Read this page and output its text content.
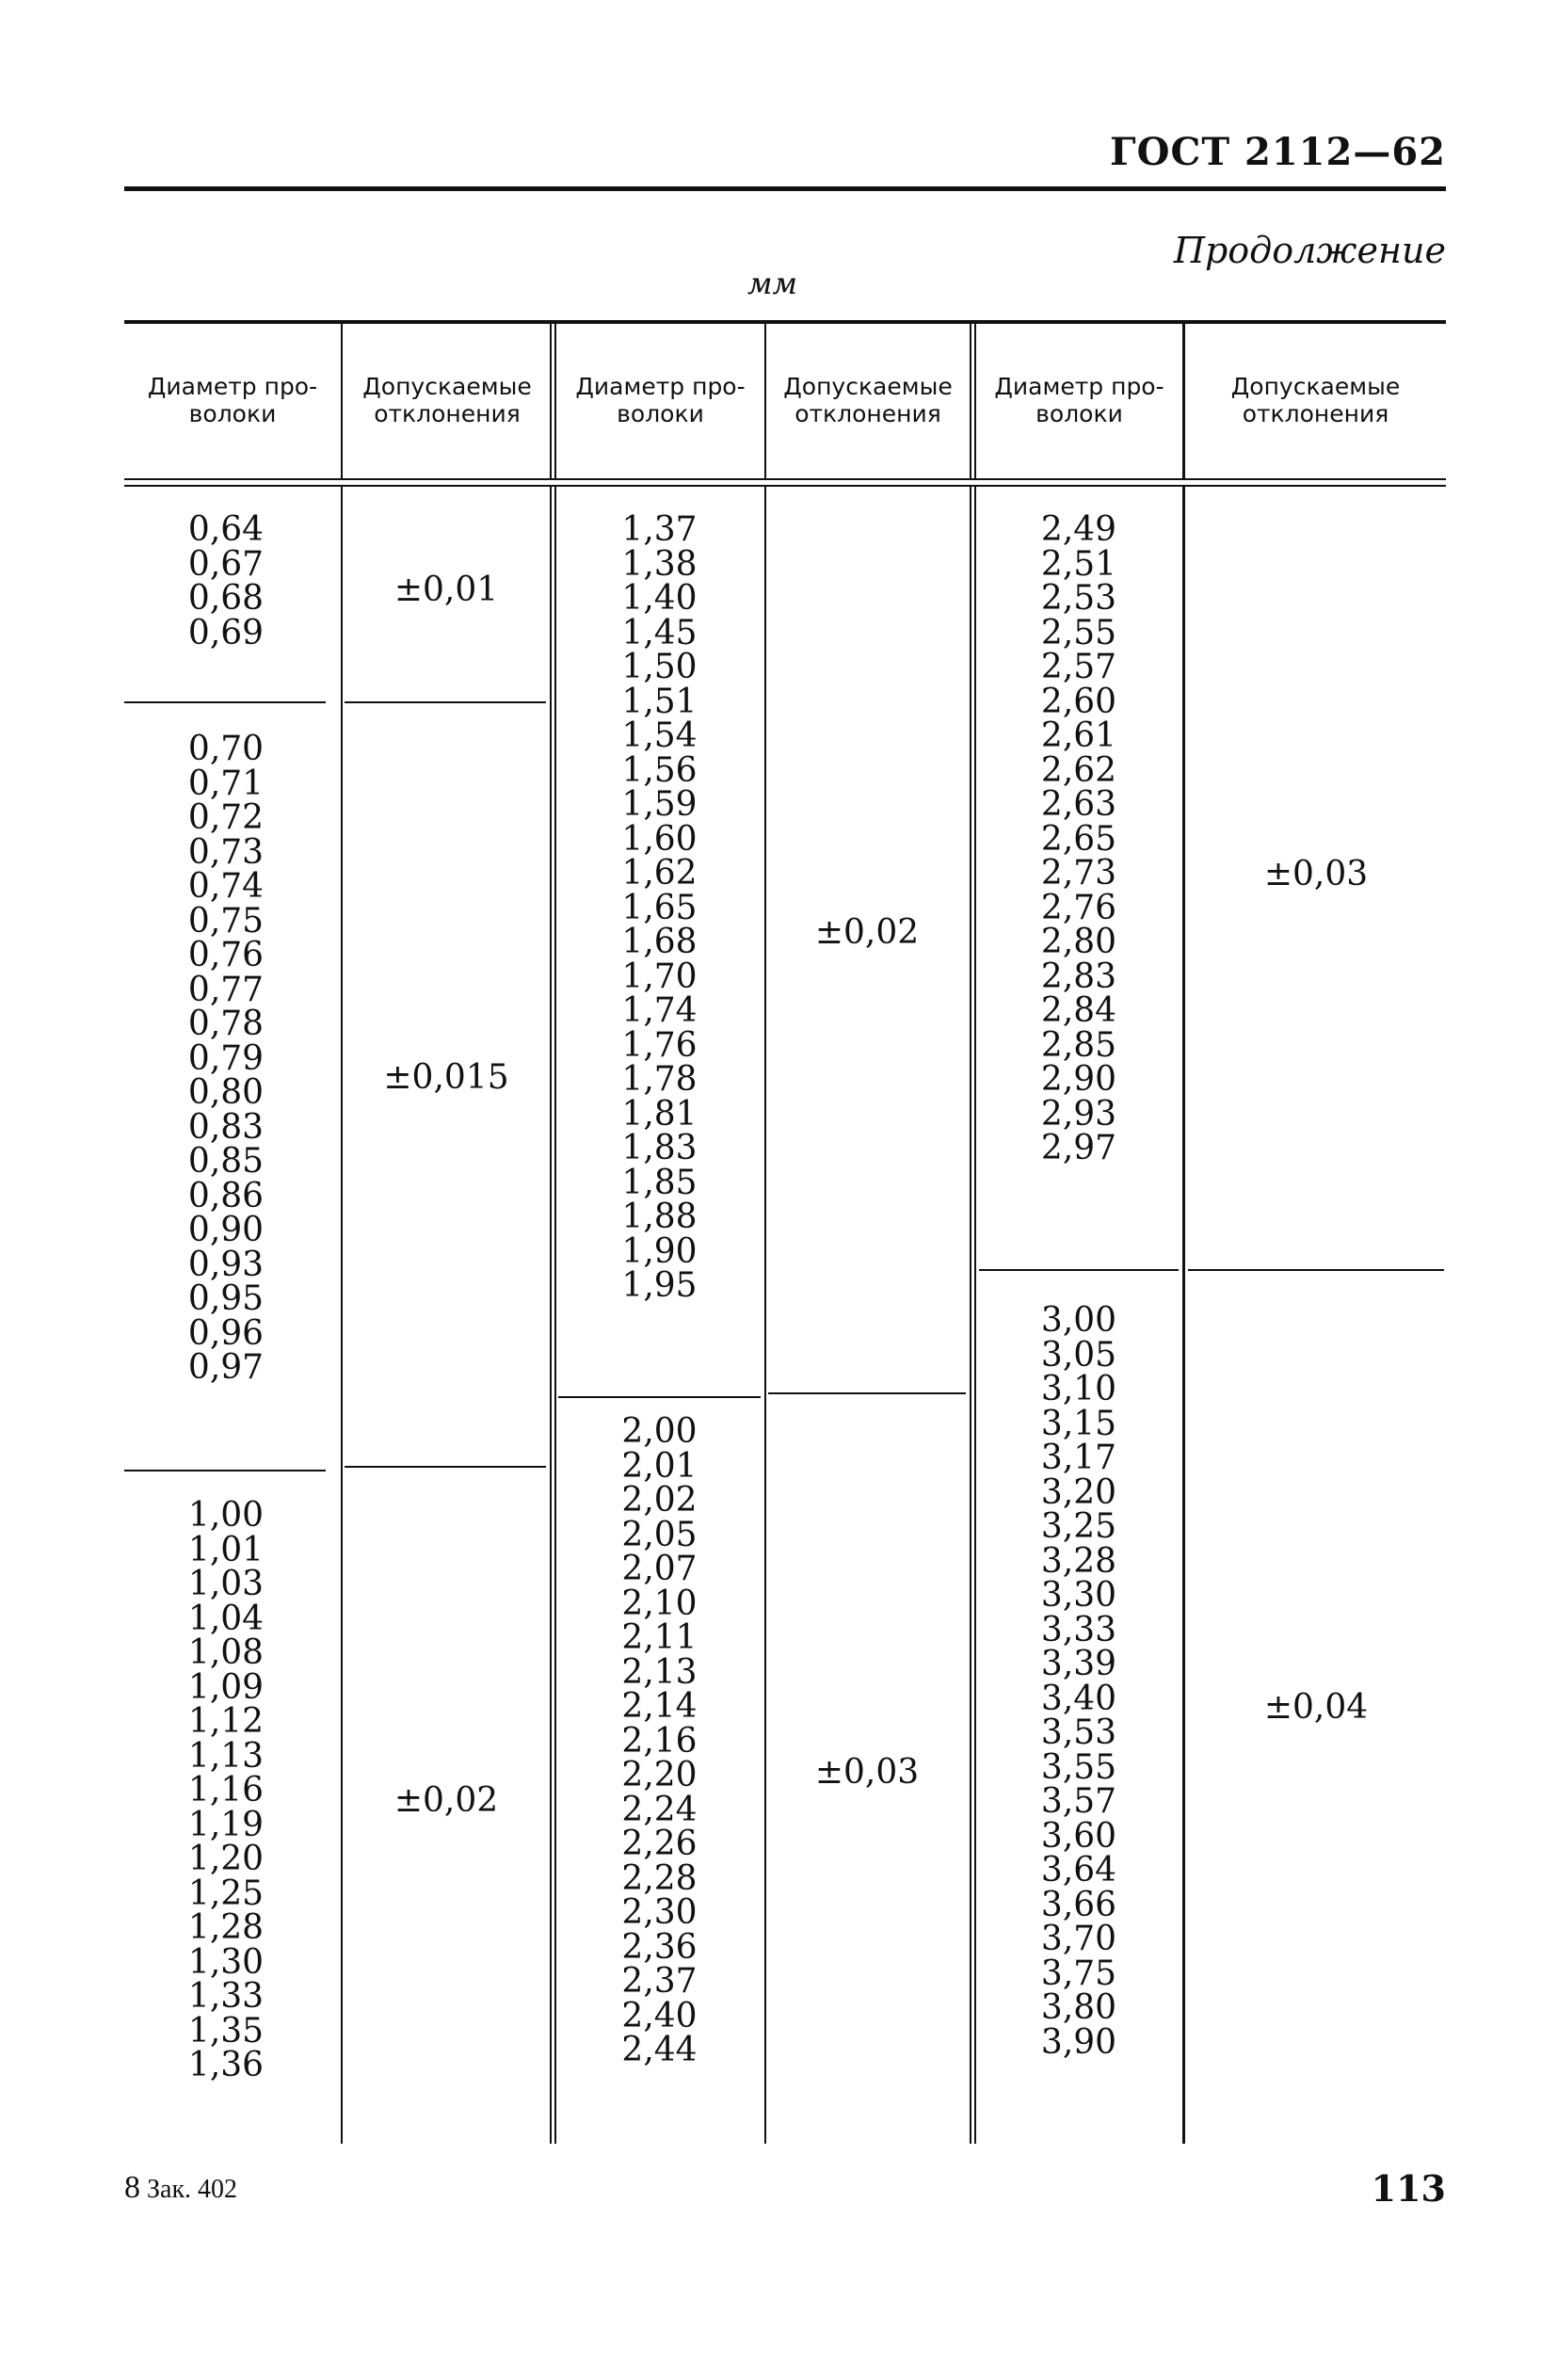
ГОСТ 2112—62
Продолжение
мм
Диаметр про-
волоки
Допускаемые
отклонения
Диаметр про-
волоки
Допускаемые
отклонения
Диаметр про-
волоки
Допускаемые
отклонения
0,64
0,67
0,68
0,69
0,70
0,71
0,72
0,73
0,74
0,75
0,76
0,77
0,78
0,79
0,80
0,83
0,85
0,86
0,90
0,93
0,95
0,96
0,97
1,00
1,01
1,03
1,04
1,08
1,09
1,12
1,13
1,16
1,19
1,20
1,25
1,28
1,30
1,33
1,35
1,36
±0,01
±0,015
±0,02
1,37
1,38
1,40
1,45
1,50
1,51
1,54
1,56
1,59
1,60
1,62
1,65
1,68
1,70
1,74
1,76
1,78
1,81
1,83
1,85
1,88
1,90
1,95
2,00
2,01
2,02
2,05
2,07
2,10
2,11
2,13
2,14
2,16
2,20
2,24
2,26
2,28
2,30
2,36
2,37
2,40
2,44
±0,02
±0,03
2,49
2,51
2,53
2,55
2,57
2,60
2,61
2,62
2,63
2,65
2,73
2,76
2,80
2,83
2,84
2,85
2,90
2,93
2,97
3,00
3,05
3,10
3,15
3,17
3,20
3,25
3,28
3,30
3,33
3,39
3,40
3,53
3,55
3,57
3,60
3,64
3,66
3,70
3,75
3,80
3,90
±0,03
±0,04
8 Зак. 402	113
